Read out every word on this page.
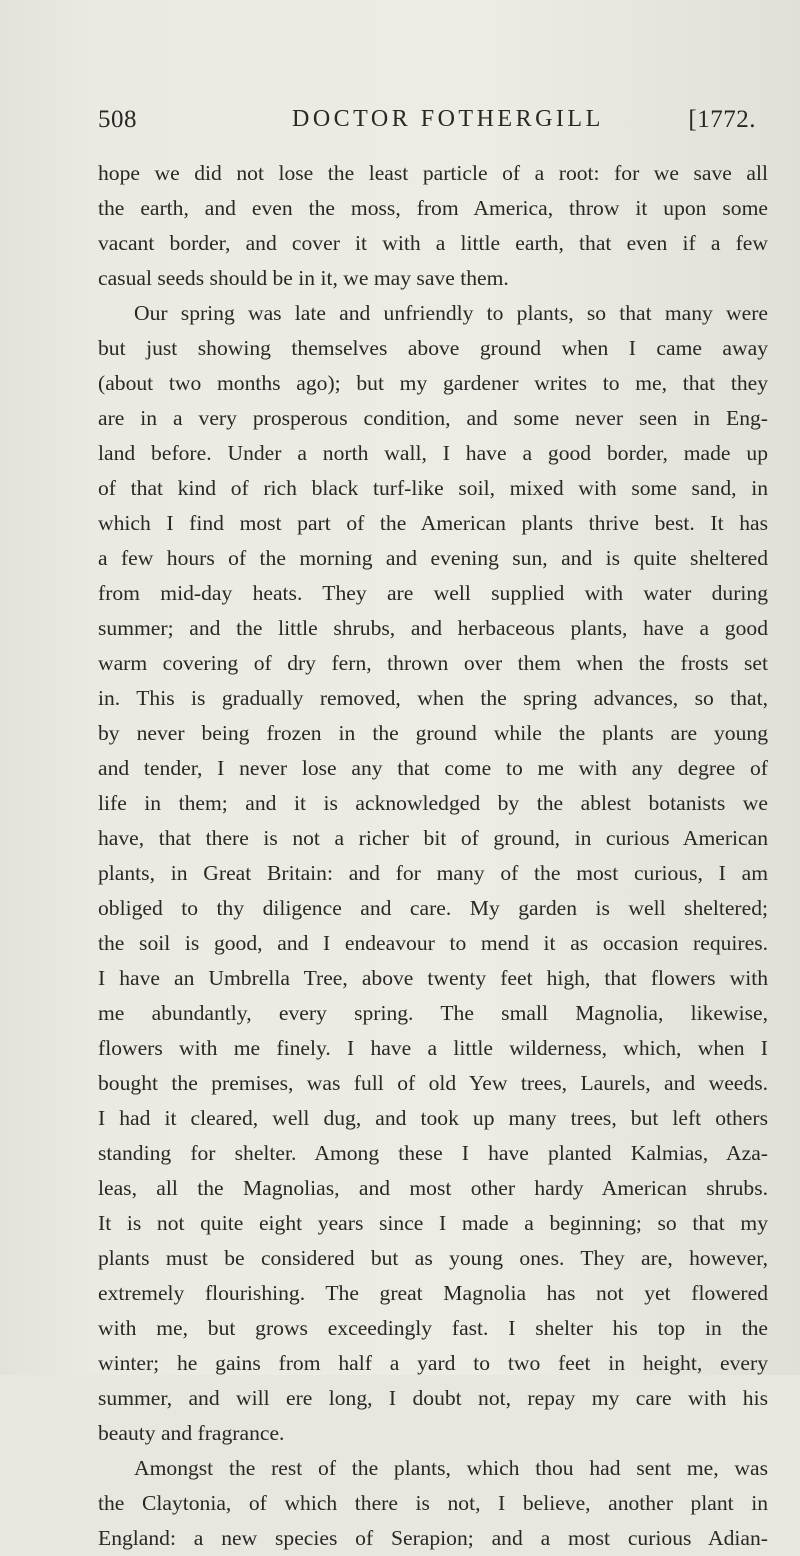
508	DOCTOR FOTHERGILL	[1772.
hope we did not lose the least particle of a root: for we save all
the earth, and even the moss, from America, throw it upon some
vacant border, and cover it with a little earth, that even if a few
casual seeds should be in it, we may save them.
Our spring was late and unfriendly to plants, so that many were
but just showing themselves above ground when I came away
(about two months ago); but my gardener writes to me, that they
are in a very prosperous condition, and some never seen in Eng-
land before. Under a north wall, I have a good border, made up
of that kind of rich black turf-like soil, mixed with some sand, in
which I find most part of the American plants thrive best. It has
a few hours of the morning and evening sun, and is quite sheltered
from mid-day heats. They are well supplied with water during
summer; and the little shrubs, and herbaceous plants, have a good
warm covering of dry fern, thrown over them when the frosts set
in. This is gradually removed, when the spring advances, so that,
by never being frozen in the ground while the plants are young
and tender, I never lose any that come to me with any degree of
life in them; and it is acknowledged by the ablest botanists we
have, that there is not a richer bit of ground, in curious American
plants, in Great Britain: and for many of the most curious, I am
obliged to thy diligence and care. My garden is well sheltered;
the soil is good, and I endeavour to mend it as occasion requires.
I have an Umbrella Tree, above twenty feet high, that flowers with
me abundantly, every spring. The small Magnolia, likewise,
flowers with me finely. I have a little wilderness, which, when I
bought the premises, was full of old Yew trees, Laurels, and weeds.
I had it cleared, well dug, and took up many trees, but left others
standing for shelter. Among these I have planted Kalmias, Aza-
leas, all the Magnolias, and most other hardy American shrubs.
It is not quite eight years since I made a beginning; so that my
plants must be considered but as young ones. They are, however,
extremely flourishing. The great Magnolia has not yet flowered
with me, but grows exceedingly fast. I shelter his top in the
winter; he gains from half a yard to two feet in height, every
summer, and will ere long, I doubt not, repay my care with his
beauty and fragrance.
Amongst the rest of the plants, which thou had sent me, was
the Claytonia, of which there is not, I believe, another plant in
England: a new species of Serapion; and a most curious Adian-
